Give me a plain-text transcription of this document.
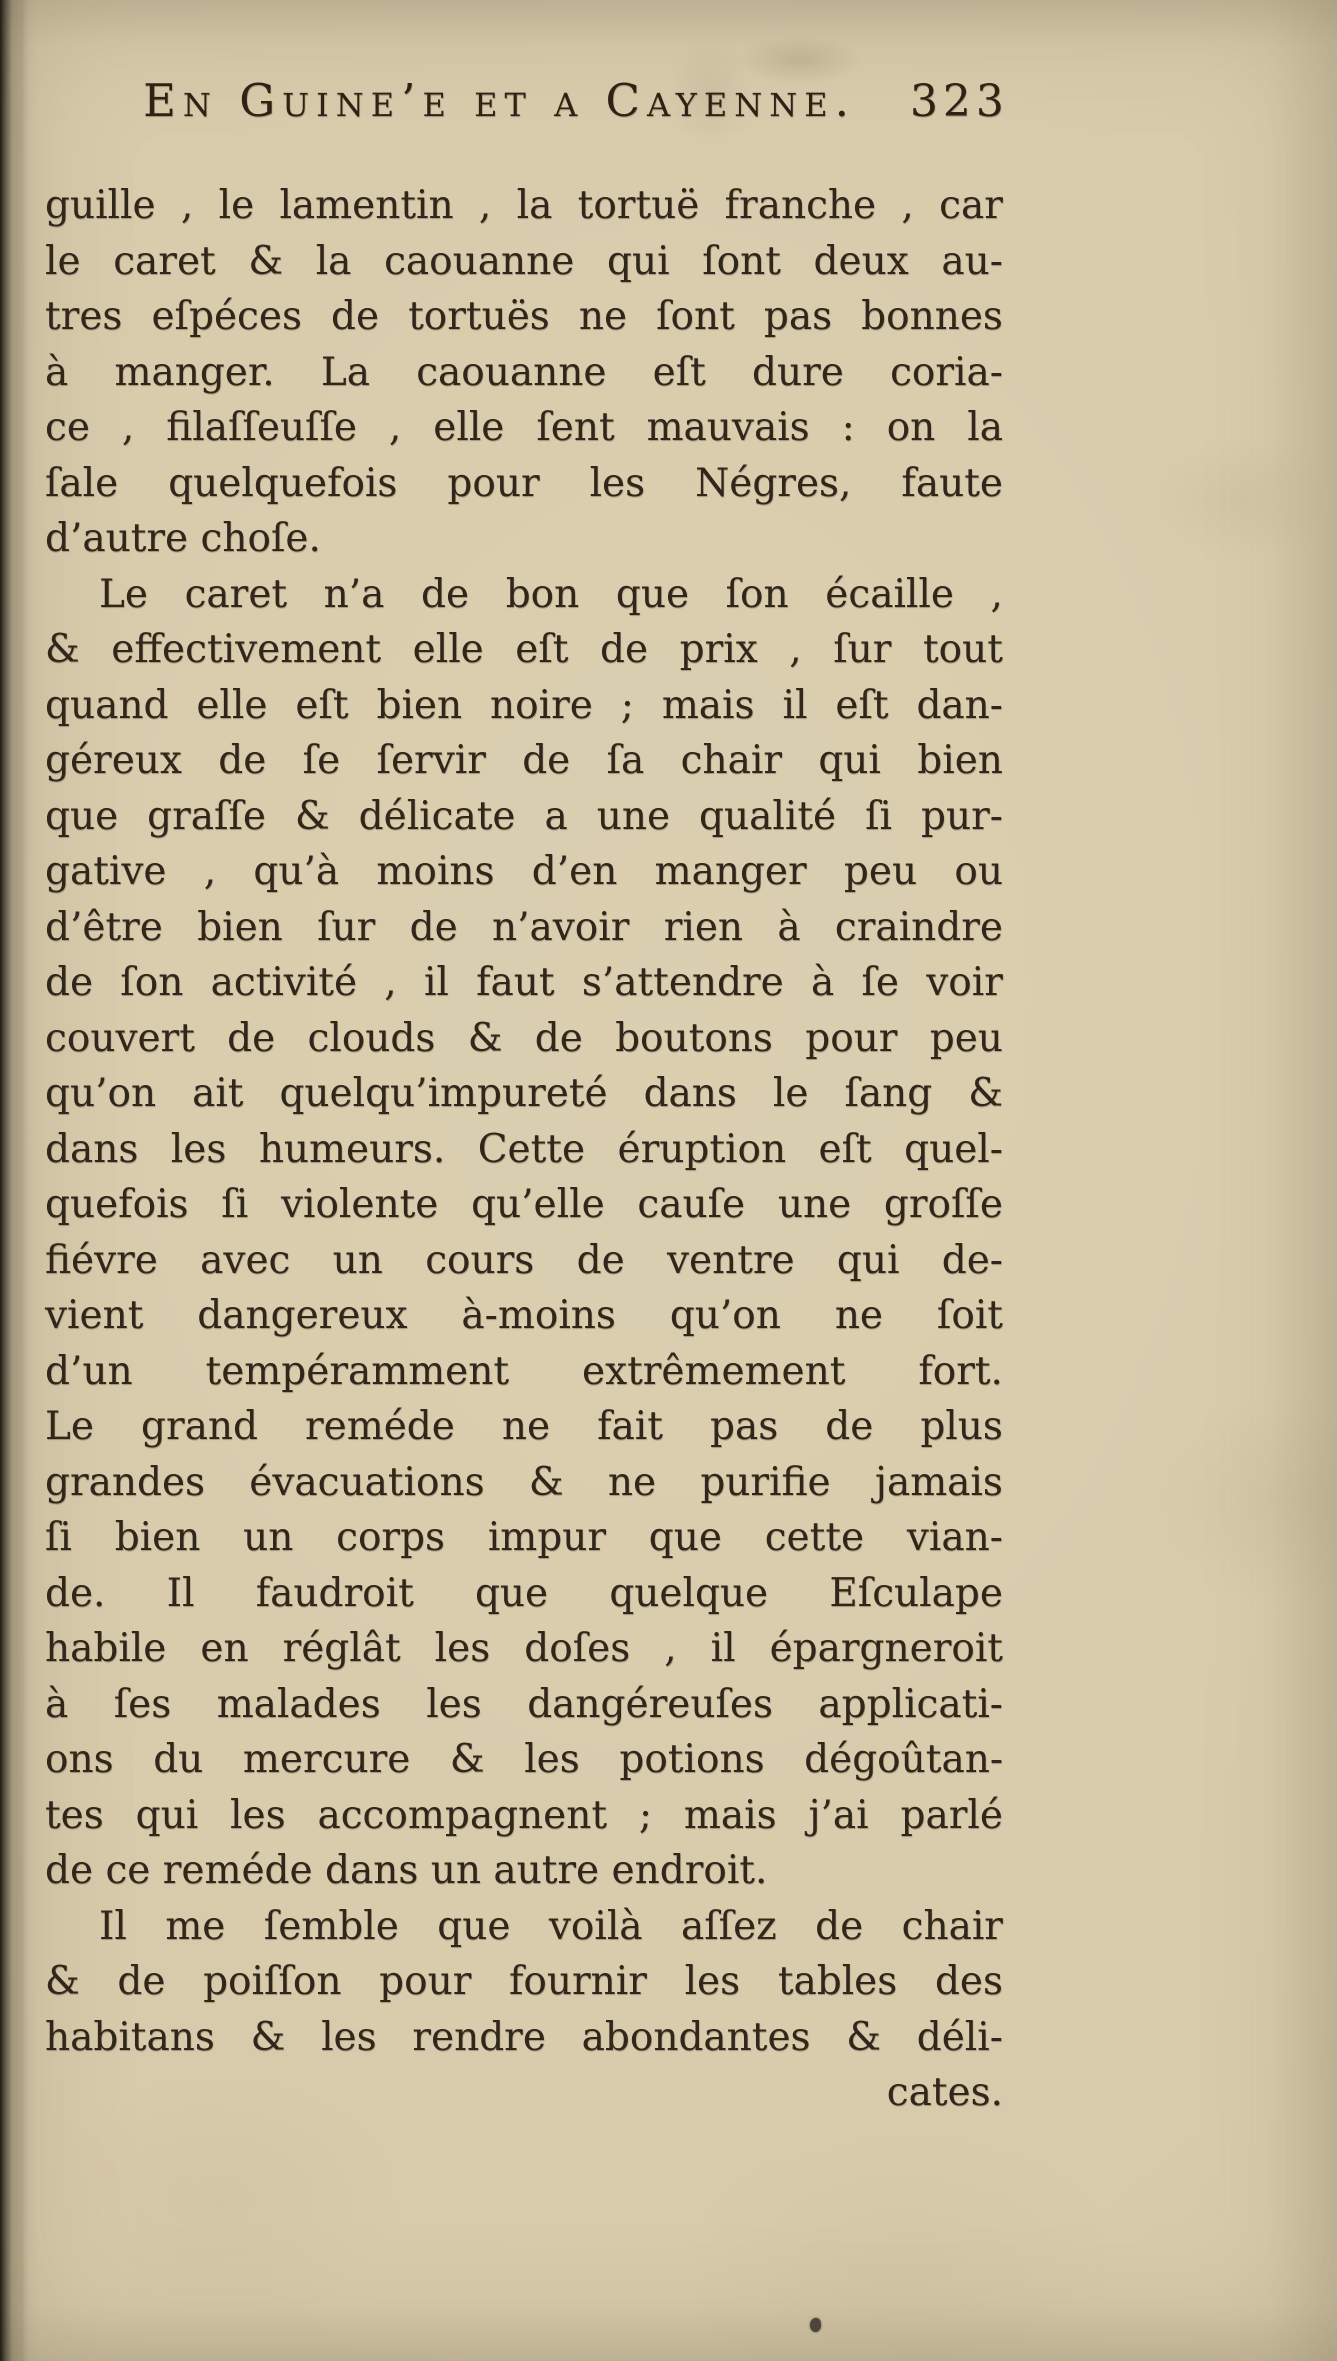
En Guine’e et a Cayenne. 323
guille , le lamentin , la tortuë franche , car
le caret & la caouanne qui ſont deux au-
tres eſpéces de tortuës ne ſont pas bonnes
à manger. La caouanne eſt dure coria-
ce , filaſſeuſſe , elle ſent mauvais : on la
ſale quelquefois pour les Négres, faute
d’autre choſe.
Le caret n’a de bon que ſon écaille ,
& effectivement elle eſt de prix , ſur tout
quand elle eſt bien noire ; mais il eſt dan-
géreux de ſe ſervir de ſa chair qui bien
que graſſe & délicate a une qualité ſi pur-
gative , qu’à moins d’en manger peu ou
d’être bien ſur de n’avoir rien à craindre
de ſon activité , il faut s’attendre à ſe voir
couvert de clouds & de boutons pour peu
qu’on ait quelqu’impureté dans le ſang &
dans les humeurs. Cette éruption eſt quel-
quefois ſi violente qu’elle cauſe une groſſe
fiévre avec un cours de ventre qui de-
vient dangereux à-moins qu’on ne ſoit
d’un tempéramment extrêmement fort.
Le grand reméde ne fait pas de plus
grandes évacuations & ne purifie jamais
ſi bien un corps impur que cette vian-
de. Il faudroit que quelque Eſculape
habile en réglât les doſes , il épargneroit
à ſes malades les dangéreuſes applicati-
ons du mercure & les potions dégoûtan-
tes qui les accompagnent ; mais j’ai parlé
de ce reméde dans un autre endroit.
Il me ſemble que voilà aſſez de chair
& de poiſſon pour fournir les tables des
habitans & les rendre abondantes & déli-
cates.
